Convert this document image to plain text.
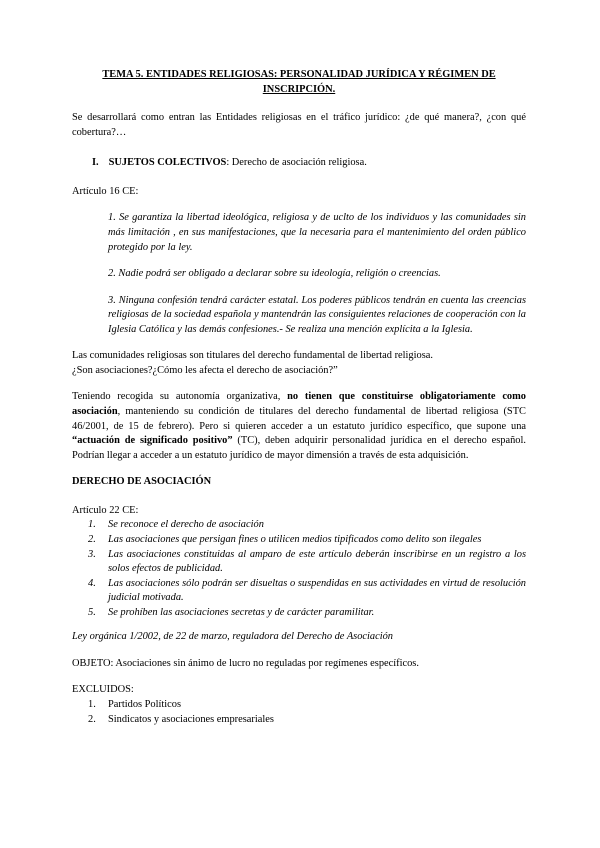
TEMA 5. ENTIDADES RELIGIOSAS: PERSONALIDAD JURÍDICA Y RÉGIMEN DE INSCRIPCIÓN.

Se desarrollará como entran las Entidades religiosas en el tráfico jurídico: ¿de qué manera?, ¿con qué cobertura?…

I. SUJETOS COLECTIVOS: Derecho de asociación religiosa.

Artículo 16 CE:

1. Se garantiza la libertad ideológica, religiosa y de uclto de los individuos y las comunidades sin más limitación , en sus manifestaciones, que la necesaria para el mantenimiento del orden público protegido por la ley.

2. Nadie podrá ser obligado a declarar sobre su ideología, religión o creencias.

3. Ninguna confesión tendrá carácter estatal. Los poderes públicos tendrán en cuenta las creencias religiosas de la sociedad española y mantendrán las consiguientes relaciones de cooperación con la Iglesia Católica y las demás confesiones.- Se realiza una mención explícita a la Iglesia.

Las comunidades religiosas son titulares del derecho fundamental de libertad religiosa.

¿Son asociaciones?¿Cómo les afecta el derecho de asociación?”

Teniendo recogida su autonomía organizativa, no tienen que constituirse obligatoriamente como asociación, manteniendo su condición de titulares del derecho fundamental de libertad religiosa (STC 46/2001, de 15 de febrero). Pero si quieren acceder a un estatuto jurídico específico, que supone una “actuación de significado positivo” (TC), deben adquirir personalidad jurídica en el derecho español. Podrían llegar a acceder a un estatuto jurídico de mayor dimensión a través de esta adquisición.

DERECHO DE ASOCIACIÓN

Artículo 22 CE:

1.	Se reconoce el derecho de asociación
2.	Las asociaciones que persigan fines o utilicen medios tipificados como delito son ilegales
3.	Las asociaciones constituidas al amparo de este artículo deberán inscribirse en un registro a los solos efectos de publicidad.
4.	Las asociaciones sólo podrán ser disueltas o suspendidas en sus actividades en virtud de resolución judicial motivada.
5.	Se prohíben las asociaciones secretas y de carácter paramilitar.

Ley orgánica 1/2002, de 22 de marzo, reguladora del Derecho de Asociación

OBJETO: Asociaciones sin ánimo de lucro no reguladas por regímenes específicos.

EXCLUIDOS:

1.	Partidos Políticos
2.	Sindicatos y asociaciones empresariales
